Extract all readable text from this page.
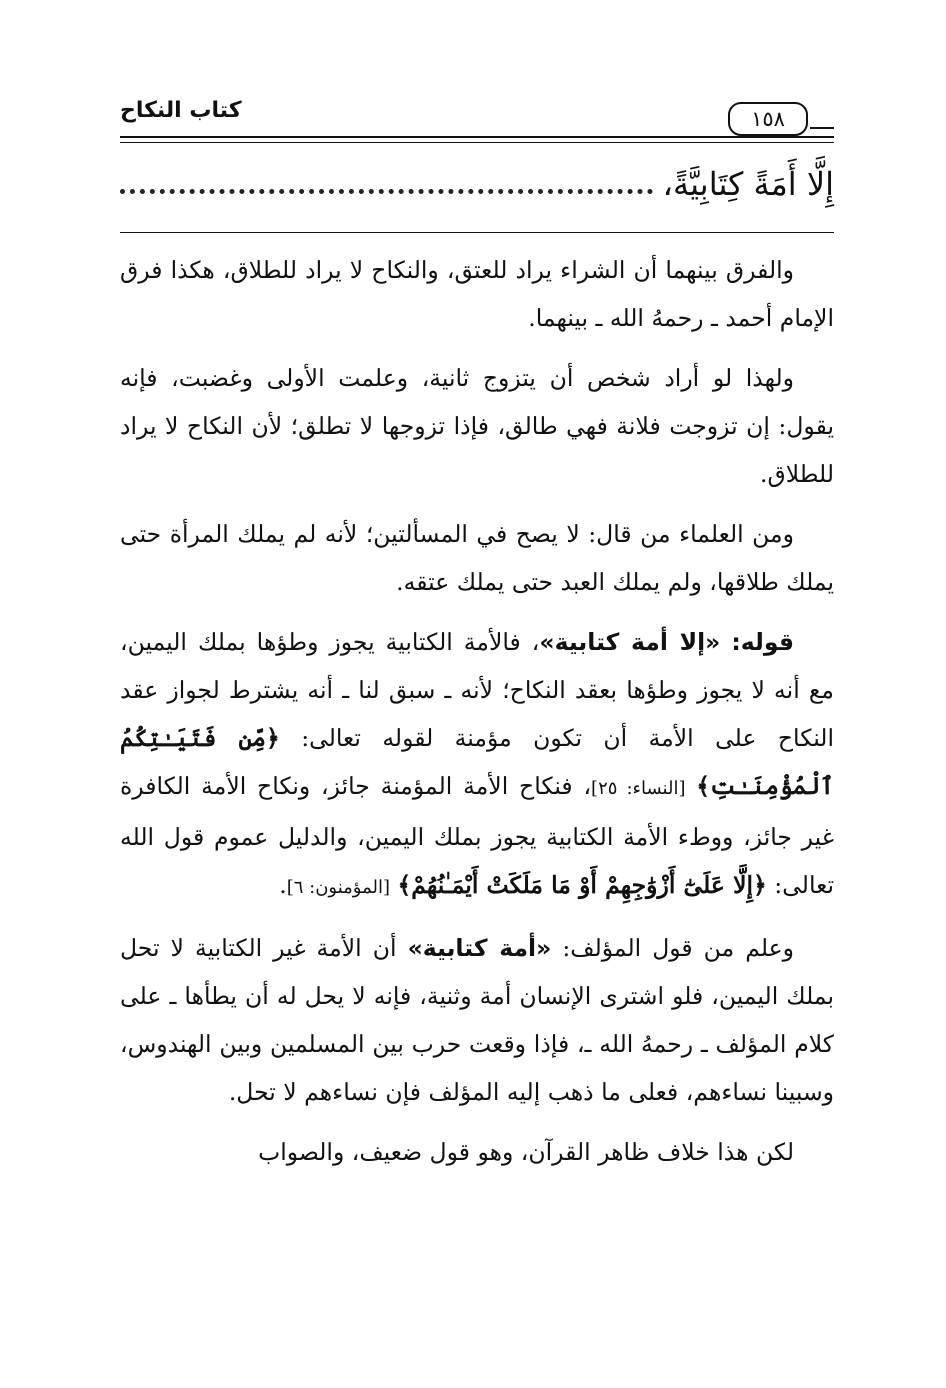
كتاب النكاح	١٥٨
إِلَّا أَمَةً كِتَابِيَّةً،

والفرق بينهما أن الشراء يراد للعتق، والنكاح لا يراد للطلاق، هكذا فرق الإمام أحمد ـ رحمهُ الله ـ بينهما.

ولهذا لو أراد شخص أن يتزوج ثانية، وعلمت الأولى وغضبت، فإنه يقول: إن تزوجت فلانة فهي طالق، فإذا تزوجها لا تطلق؛ لأن النكاح لا يراد للطلاق.

ومن العلماء من قال: لا يصح في المسألتين؛ لأنه لم يملك المرأة حتى يملك طلاقها، ولم يملك العبد حتى يملك عتقه.

قوله: «إلا أمة كتابية»، فالأمة الكتابية يجوز وطؤها بملك اليمين، مع أنه لا يجوز وطؤها بعقد النكاح؛ لأنه ـ سبق لنا ـ أنه يشترط لجواز عقد النكاح على الأمة أن تكون مؤمنة لقوله تعالى: ﴿مِّن فَتَيَـٰتِكُمُ ٱلْمُؤْمِنَـٰتِ﴾ [النساء: ٢٥]، فنكاح الأمة المؤمنة جائز، ونكاح الأمة الكافرة غير جائز، ووطء الأمة الكتابية يجوز بملك اليمين، والدليل عموم قول الله تعالى: ﴿إِلَّا عَلَىٰٓ أَزْوَٰجِهِمْ أَوْ مَا مَلَكَتْ أَيْمَـٰنُهُمْ﴾ [المؤمنون: ٦].

وعلم من قول المؤلف: «أمة كتابية» أن الأمة غير الكتابية لا تحل بملك اليمين، فلو اشترى الإنسان أمة وثنية، فإنه لا يحل له أن يطأها ـ على كلام المؤلف ـ رحمهُ الله ـ، فإذا وقعت حرب بين المسلمين وبين الهندوس، وسبينا نساءهم، فعلى ما ذهب إليه المؤلف فإن نساءهم لا تحل.

لكن هذا خلاف ظاهر القرآن، وهو قول ضعيف، والصواب
